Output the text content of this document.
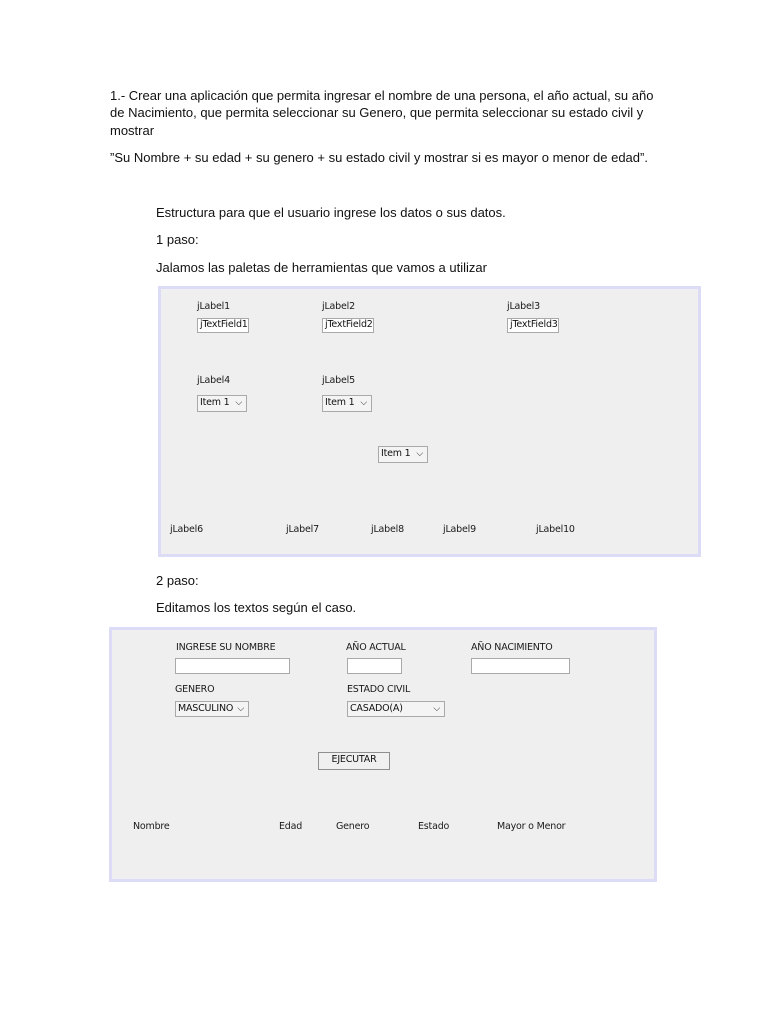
1.- Crear una aplicación que permita ingresar el nombre de una persona, el año actual, su año

de Nacimiento, que permita seleccionar su Genero, que permita seleccionar su estado civil y

mostrar

”Su Nombre + su edad + su genero + su estado civil y mostrar si es mayor o menor de edad”.

Estructura para que el usuario ingrese los datos o sus datos.

1 paso:

Jalamos las paletas de herramientas que vamos a utilizar

jLabel1	jLabel2	jLabel3
jTextField1	jTextField2	jTextField3
jLabel4	jLabel5
Item 1 ⌵	Item 1 ⌵
Item 1 ⌵
jLabel6	jLabel7	jLabel8	jLabel9	jLabel10

2 paso:

Editamos los textos según el caso.

INGRESE SU NOMBRE	AÑO ACTUAL	AÑO NACIMIENTO
GENERO	ESTADO CIVIL
MASCULINO ⌵	CASADO(A)	⌵
EJECUTAR
Nombre	Edad	Genero	Estado	Mayor o Menor
